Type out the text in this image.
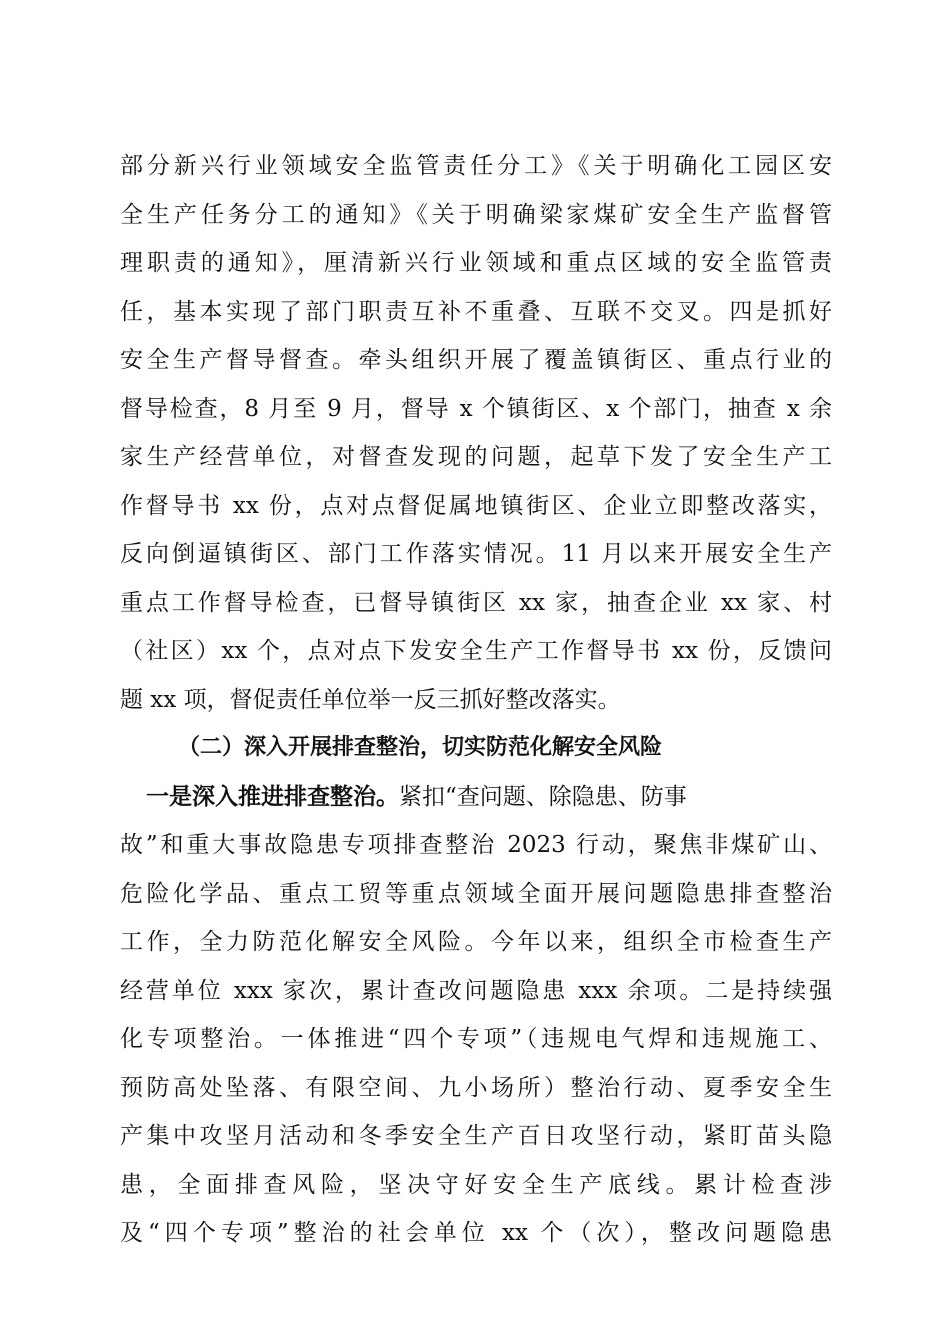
部分新兴行业领域安全监管责任分工》《关于明确化工园区安
全生产任务分工的通知》《关于明确梁家煤矿安全生产监督管
理职责的通知》，厘清新兴行业领域和重点区域的安全监管责
任，基本实现了部门职责互补不重叠、互联不交叉。四是抓好
安全生产督导督查。牵头组织开展了覆盖镇街区、重点行业的
督导检查，8 月至 9 月，督导 x 个镇街区、x 个部门，抽查 x 余
家生产经营单位，对督查发现的问题，起草下发了安全生产工
作督导书 xx 份，点对点督促属地镇街区、企业立即整改落实，
反向倒逼镇街区、部门工作落实情况。11 月以来开展安全生产
重点工作督导检查，已督导镇街区 xx 家，抽查企业 xx 家、村
（社区）xx 个，点对点下发安全生产工作督导书 xx 份，反馈问
题 xx 项，督促责任单位举一反三抓好整改落实。
（二）深入开展排查整治，切实防范化解安全风险
一是深入推进排查整治。紧扣“查问题、除隐患、防事
故”和重大事故隐患专项排查整治 2023 行动，聚焦非煤矿山、
危险化学品、重点工贸等重点领域全面开展问题隐患排查整治
工作，全力防范化解安全风险。今年以来，组织全市检查生产
经营单位 xxx 家次，累计查改问题隐患 xxx 余项。二是持续强
化专项整治。一体推进“四个专项”（违规电气焊和违规施工、
预防高处坠落、有限空间、九小场所）整治行动、夏季安全生
产集中攻坚月活动和冬季安全生产百日攻坚行动，紧盯苗头隐
患，全面排查风险，坚决守好安全生产底线。累计检查涉
及“四个专项”整治的社会单位 xx 个（次），整改问题隐患
